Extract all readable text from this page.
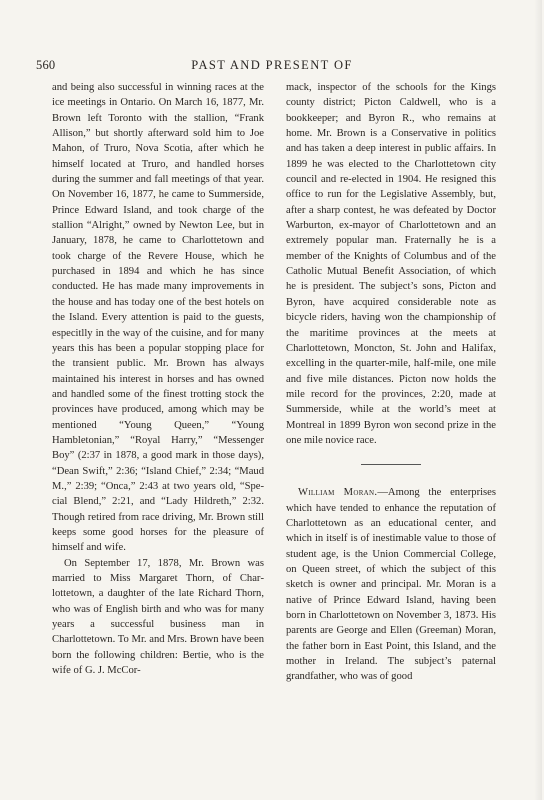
560	PAST AND PRESENT OF

and being also successful in winning races at the ice meetings in Ontario. On March 16, 1877, Mr. Brown left Toronto with the stallion, “Frank Allison,” but shortly afterward sold him to Joe Mahon, of Truro, Nova Scotia, after which he himself located at Truro, and handled horses during the summer and fall meetings of that year. On November 16, 1877, he came to Summerside, Prince Edward Island, and took charge of the stallion “Alright,” owned by Newton Lee, but in January, 1878, he came to Charlottetown and took charge of the Revere House, which he purchased in 1894 and which he has since conducted. He has made many improvements in the house and has today one of the best hotels on the Island. Every attention is paid to the guests, especitlly in the way of the cuisine, and for many years this has been a popular stopping place for the transient public. Mr. Brown has always maintained his interest in horses and has owned and handled some of the finest trotting stock the provinces have produced, among which may be mentioned “Young Queen,” “Young Hambletonian,” “Royal Harry,” “Messenger Boy” (2:37 in 1878, a good mark in those days), “Dean Swift,” 2:36; “Island Chief,” 2:34; “Maud M.,” 2:39; “Onca,” 2:43 at two years old, “Special Blend,” 2:21, and “Lady Hildreth,” 2:32. Though retired from race driving, Mr. Brown still keeps some good horses for the pleasure of himself and wife.

On September 17, 1878, Mr. Brown was married to Miss Margaret Thorn, of Charlottetown, a daughter of the late Richard Thorn, who was of English birth and who was for many years a successful business man in Charlottetown. To Mr. and Mrs. Brown have been born the following children: Bertie, who is the wife of G. J. McCor-

mack, inspector of the schools for the Kings county district; Picton Caldwell, who is a bookkeeper; and Byron R., who remains at home. Mr. Brown is a Conservative in politics and has taken a deep interest in public affairs. In 1899 he was elected to the Charlottetown city council and re-elected in 1904. He resigned this office to run for the Legislative Assembly, but, after a sharp contest, he was defeated by Doctor Warburton, ex-mayor of Charlottetown and an extremely popular man. Fraternally he is a member of the Knights of Columbus and of the Catholic Mutual Benefit Association, of which he is president. The subject’s sons, Picton and Byron, have acquired considerable note as bicycle riders, having won the championship of the maritime provinces at the meets at Charlottetown, Moncton, St. John and Halifax, excelling in the quarter-mile, half-mile, one mile and five mile distances. Picton now holds the mile record for the provinces, 2:20, made at Summerside, while at the world’s meet at Montreal in 1899 Byron won second prize in the one mile novice race.

William Moran.—Among the enterprises which have tended to enhance the reputation of Charlottetown as an educational center, and which in itself is of inestimable value to those of student age, is the Union Commercial College, on Queen street, of which the subject of this sketch is owner and principal. Mr. Moran is a native of Prince Edward Island, having been born in Charlottetown on November 3, 1873. His parents are George and Ellen (Greeman) Moran, the father born in East Point, this Island, and the mother in Ireland. The subject’s paternal grandfather, who was of good
